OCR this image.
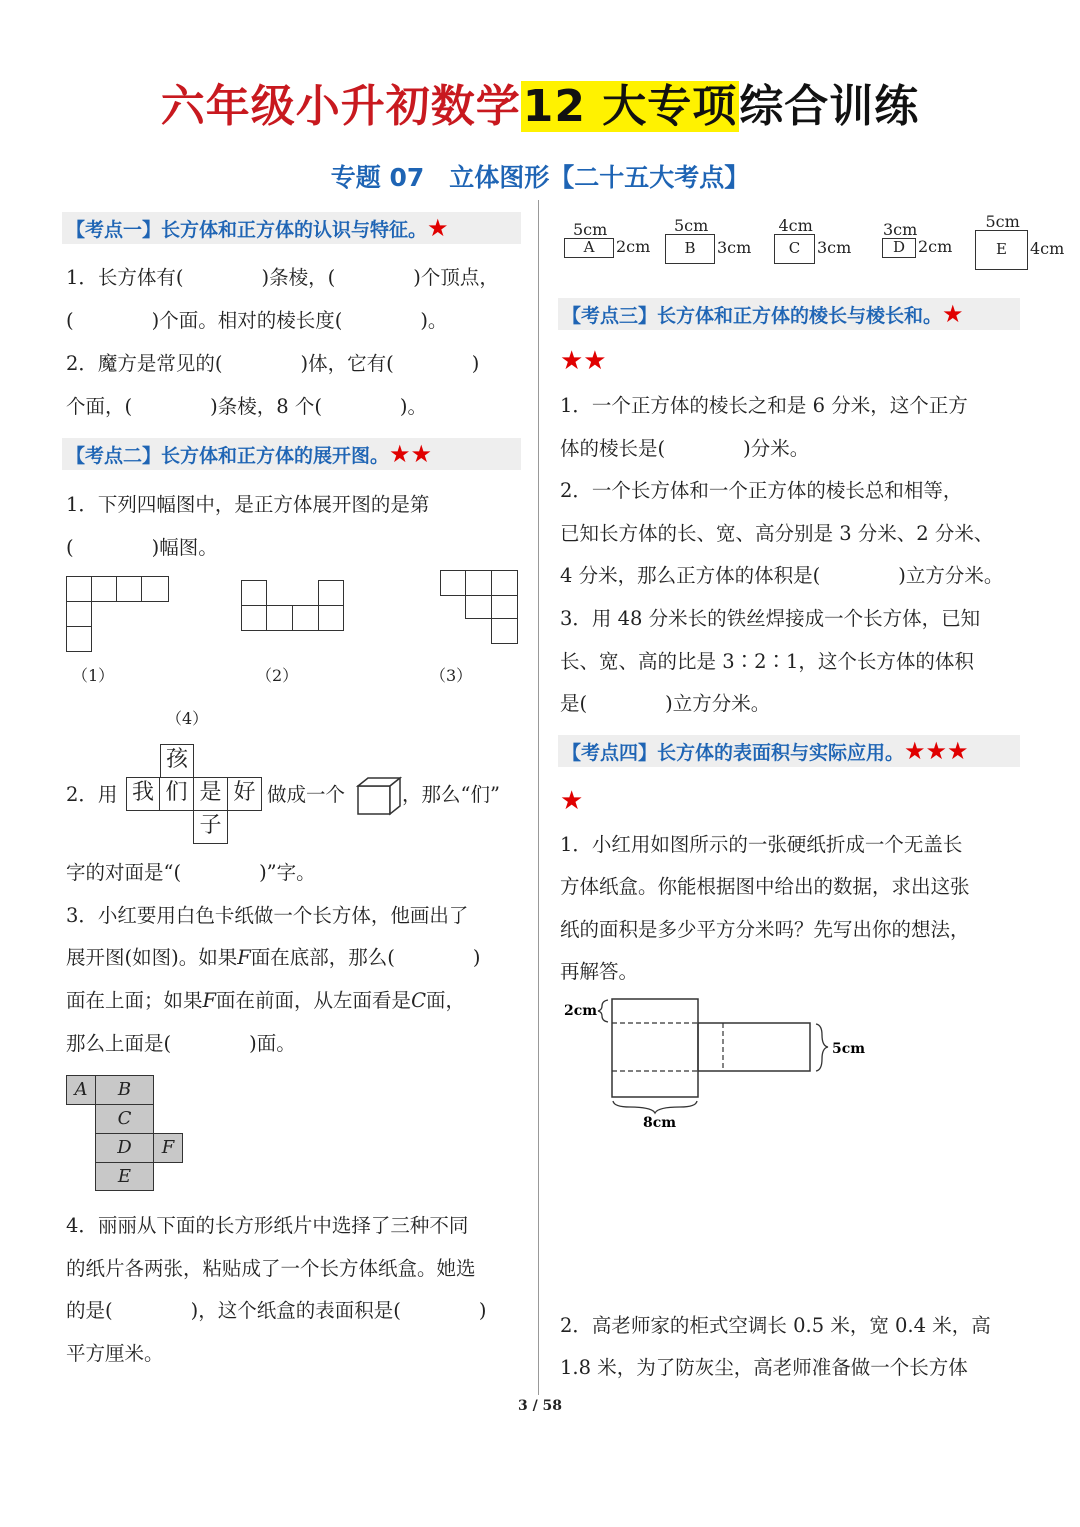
六年级小升初数学12 大专项综合训练
专题 07　立体图形【二十五大考点】
【考点一】长方体和正方体的认识与特征。★
1．长方体有(　　　　)条棱，(　　　　)个顶点，
(　　　　)个面。相对的棱长度(　　　　)。
2．魔方是常见的(　　　　)体，它有(　　　　)
个面，(　　　　)条棱，8 个(　　　　)。
【考点二】长方体和正方体的展开图。★★
1．下列四幅图中，是正方体展开图的是第
(　　　　)幅图。
（1）	（2）	（3）
（4）
2．用
孩
我 们 是 好
子
做成一个	，那么“们”
字的对面是“(　　　　)”字。
3．小红要用白色卡纸做一个长方体，他画出了
展开图(如图)。如果F面在底部，那么(　　　　)
面在上面；如果F面在前面，从左面看是C面，
那么上面是(　　　　)面。
A	B
C
D	F
E
4．丽丽从下面的长方形纸片中选择了三种不同
的纸片各两张，粘贴成了一个长方体纸盒。她选
的是(　　　　)，这个纸盒的表面积是(　　　　)
平方厘米。
5cm
A	2cm
5cm
B	3cm
4cm
C	3cm
3cm
D 2cm
5cm
E	4cm
【考点三】长方体和正方体的棱长与棱长和。★
★★
1．一个正方体的棱长之和是 6 分米，这个正方
体的棱长是(　　　　)分米。
2．一个长方体和一个正方体的棱长总和相等，
已知长方体的长、宽、高分别是 3 分米、2 分米、
4 分米，那么正方体的体积是(　　　　)立方分米。
3．用 48 分米长的铁丝焊接成一个长方体，已知
长、宽、高的比是 3∶2∶1，这个长方体的体积
是(　　　　)立方分米。
【考点四】长方体的表面积与实际应用。★★★
★
1．小红用如图所示的一张硬纸折成一个无盖长
方体纸盒。你能根据图中给出的数据，求出这张
纸的面积是多少平方分米吗？先写出你的想法，
再解答。
2cm
5cm
8cm
2．高老师家的柜式空调长 0.5 米，宽 0.4 米，高
1.8 米，为了防灰尘，高老师准备做一个长方体
3 / 58
